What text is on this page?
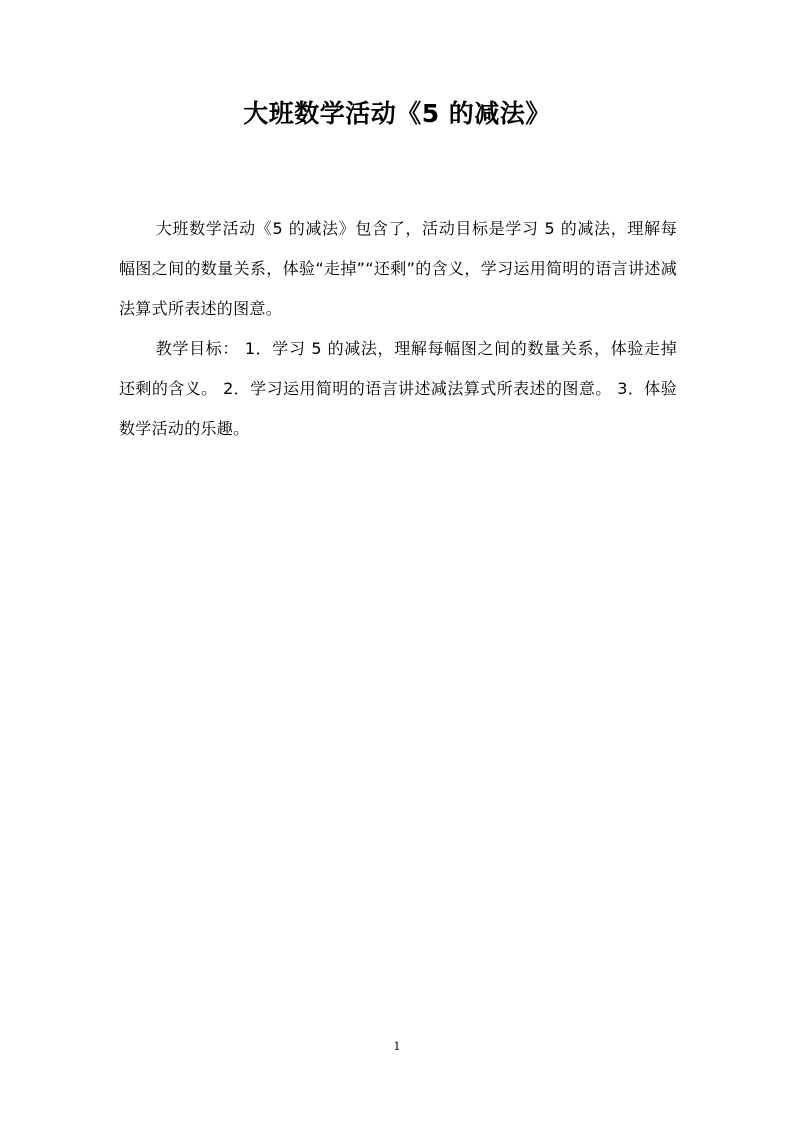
大班数学活动《5 的减法》

大班数学活动《5 的减法》包含了，活动目标是学习 5 的减法，理解每幅图之间的数量关系，体验“走掉”“还剩”的含义，学习运用简明的语言讲述减法算式所表述的图意。

教学目标： 1．学习 5 的减法，理解每幅图之间的数量关系，体验走掉还剩的含义。 2．学习运用简明的语言讲述减法算式所表述的图意。 3．体验数学活动的乐趣。

1
